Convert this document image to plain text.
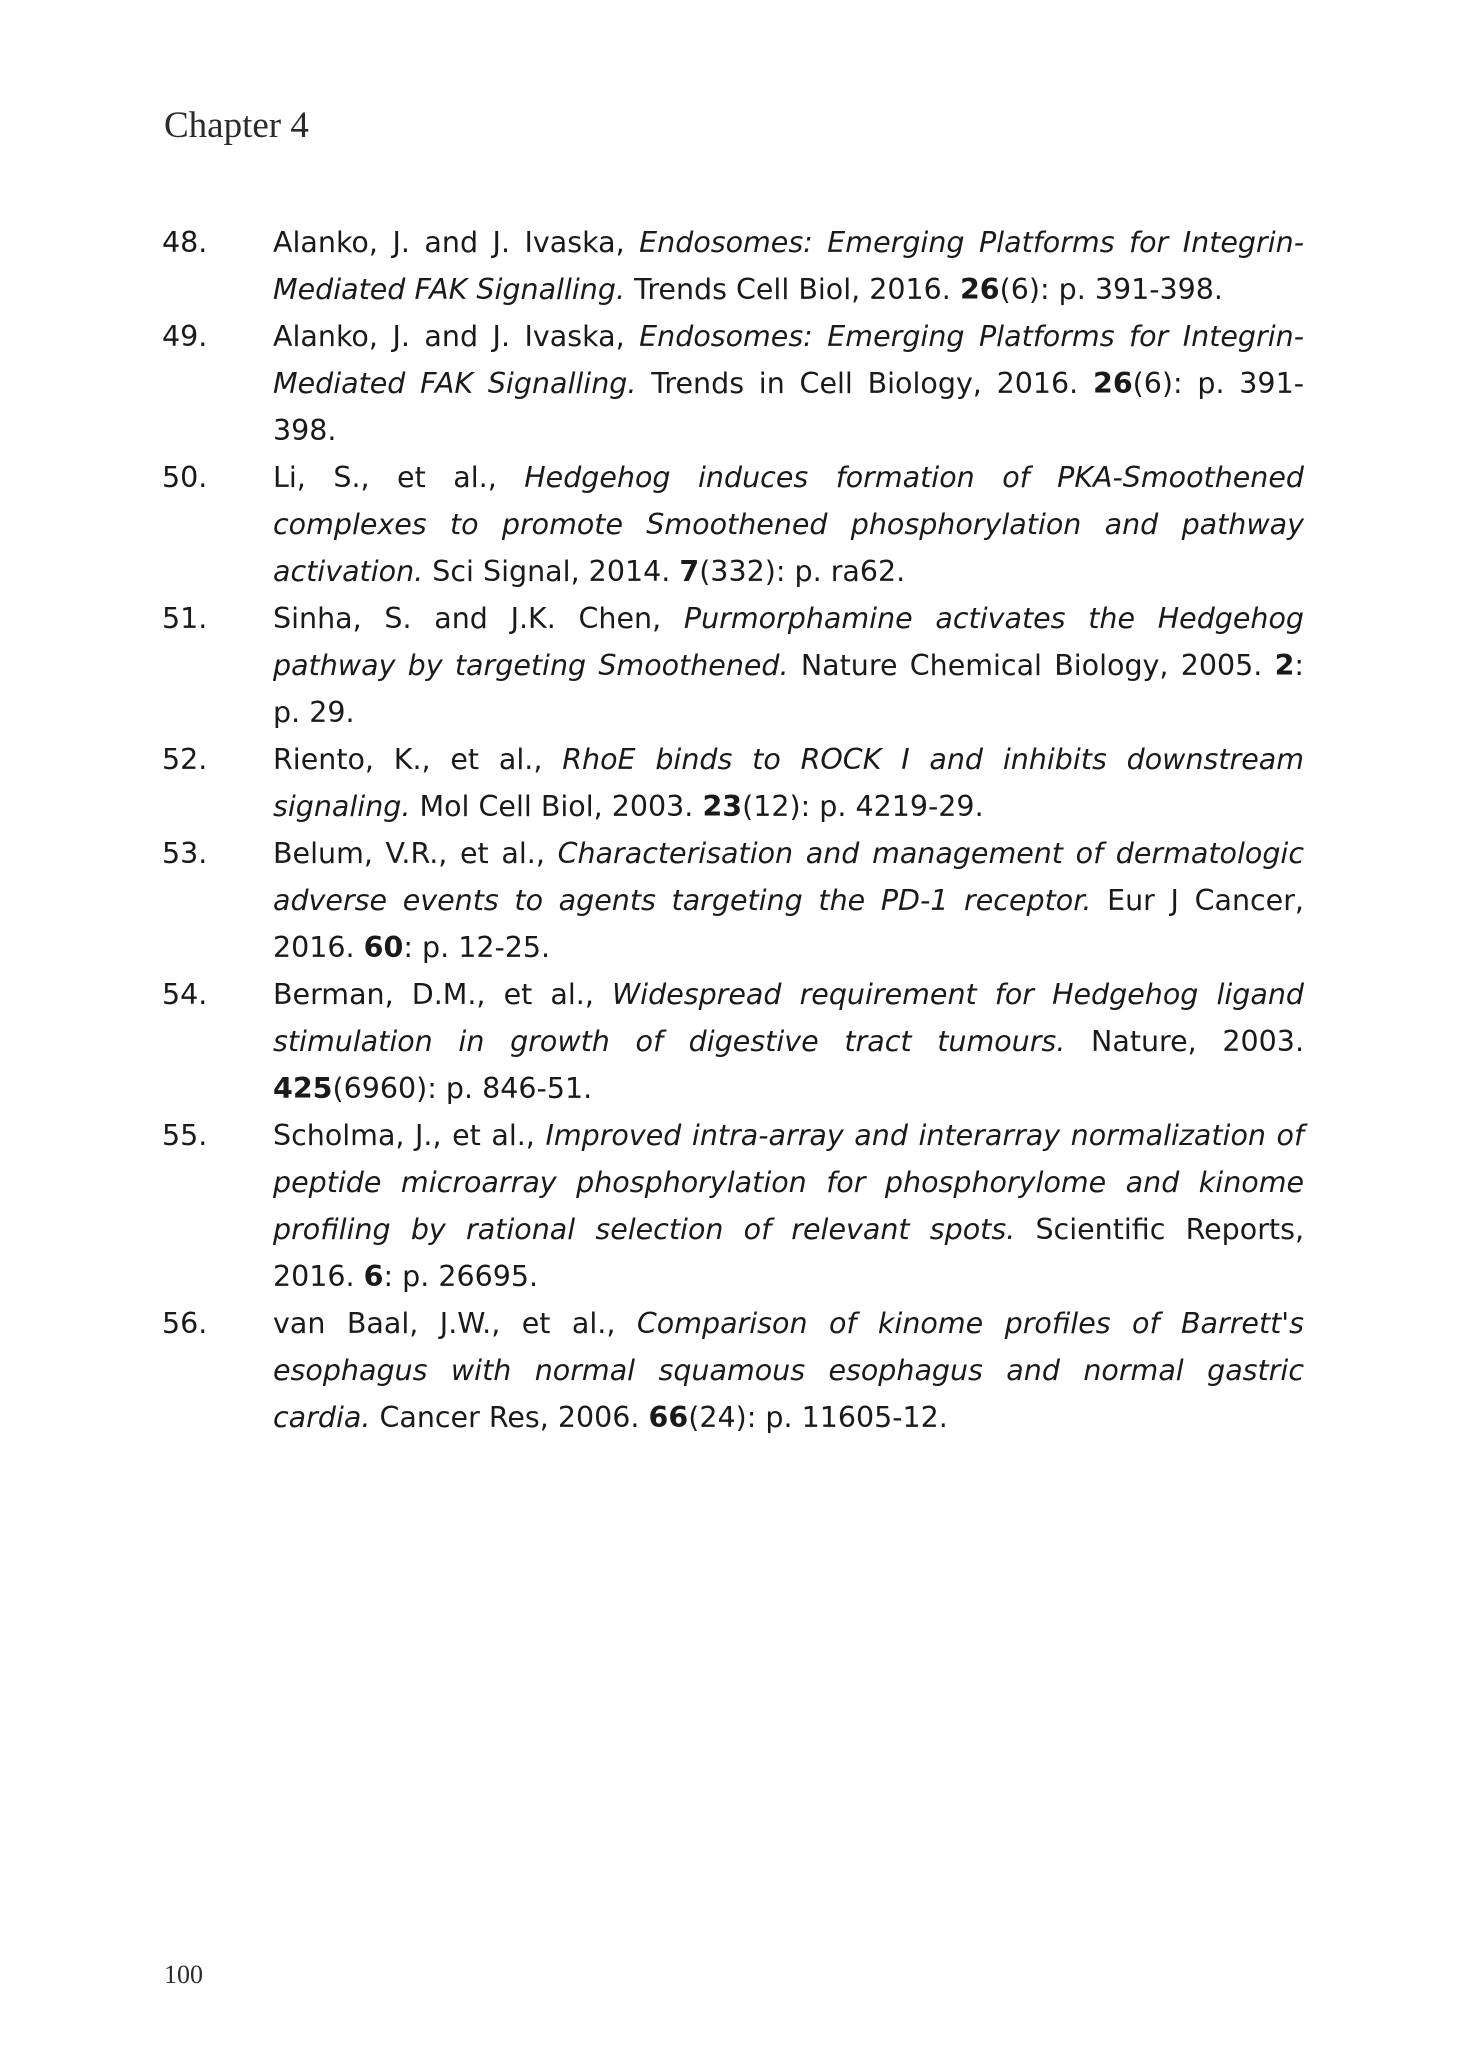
Chapter 4
48.	Alanko, J. and J. Ivaska, Endosomes: Emerging Platforms for Integrin-Mediated FAK Signalling. Trends Cell Biol, 2016. 26(6): p. 391-398.
49.	Alanko, J. and J. Ivaska, Endosomes: Emerging Platforms for Integrin-Mediated FAK Signalling. Trends in Cell Biology, 2016. 26(6): p. 391-398.
50.	Li, S., et al., Hedgehog induces formation of PKA-Smoothened complexes to promote Smoothened phosphorylation and pathway activation. Sci Signal, 2014. 7(332): p. ra62.
51.	Sinha, S. and J.K. Chen, Purmorphamine activates the Hedgehog pathway by targeting Smoothened. Nature Chemical Biology, 2005. 2: p. 29.
52.	Riento, K., et al., RhoE binds to ROCK I and inhibits downstream signaling. Mol Cell Biol, 2003. 23(12): p. 4219-29.
53.	Belum, V.R., et al., Characterisation and management of dermatologic adverse events to agents targeting the PD-1 receptor. Eur J Cancer, 2016. 60: p. 12-25.
54.	Berman, D.M., et al., Widespread requirement for Hedgehog ligand stimulation in growth of digestive tract tumours. Nature, 2003. 425(6960): p. 846-51.
55.	Scholma, J., et al., Improved intra-array and interarray normalization of peptide microarray phosphorylation for phosphorylome and kinome profiling by rational selection of relevant spots. Scientific Reports, 2016. 6: p. 26695.
56.	van Baal, J.W., et al., Comparison of kinome profiles of Barrett's esophagus with normal squamous esophagus and normal gastric cardia. Cancer Res, 2006. 66(24): p. 11605-12.
100
